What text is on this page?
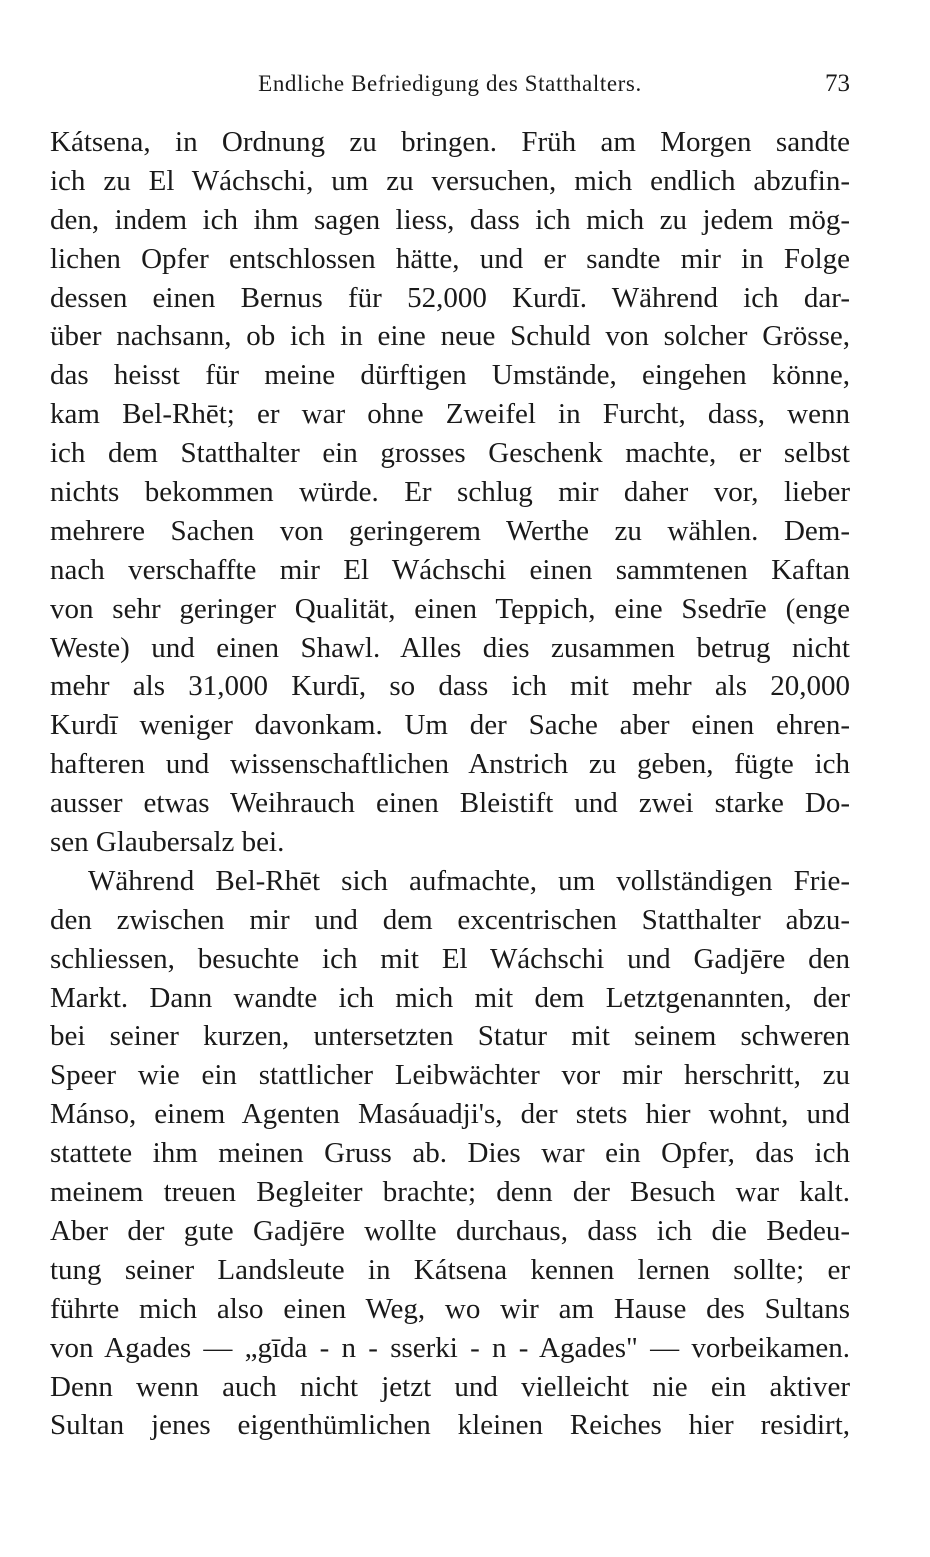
Endliche Befriedigung des Statthalters.	73

Kátsena, in Ordnung zu bringen. Früh am Morgen sandte
ich zu El Wáchschi, um zu versuchen, mich endlich abzufin-
den, indem ich ihm sagen liess, dass ich mich zu jedem mög-
lichen Opfer entschlossen hätte, und er sandte mir in Folge
dessen einen Bernus für 52,000 Kurdī. Während ich dar-
über nachsann, ob ich in eine neue Schuld von solcher Grösse,
das heisst für meine dürftigen Umstände, eingehen könne,
kam Bel-Rhēt; er war ohne Zweifel in Furcht, dass, wenn
ich dem Statthalter ein grosses Geschenk machte, er selbst
nichts bekommen würde. Er schlug mir daher vor, lieber
mehrere Sachen von geringerem Werthe zu wählen. Dem-
nach verschaffte mir El Wáchschi einen sammtenen Kaftan
von sehr geringer Qualität, einen Teppich, eine Ssedrīe (enge
Weste) und einen Shawl. Alles dies zusammen betrug nicht
mehr als 31,000 Kurdī, so dass ich mit mehr als 20,000
Kurdī weniger davonkam. Um der Sache aber einen ehren-
hafteren und wissenschaftlichen Anstrich zu geben, fügte ich
ausser etwas Weihrauch einen Bleistift und zwei starke Do-
sen Glaubersalz bei.

Während Bel-Rhēt sich aufmachte, um vollständigen Frie-
den zwischen mir und dem excentrischen Statthalter abzu-
schliessen, besuchte ich mit El Wáchschi und Gadjēre den
Markt. Dann wandte ich mich mit dem Letztgenannten, der
bei seiner kurzen, untersetzten Statur mit seinem schweren
Speer wie ein stattlicher Leibwächter vor mir herschritt, zu
Mánso, einem Agenten Masáuadji's, der stets hier wohnt, und
stattete ihm meinen Gruss ab. Dies war ein Opfer, das ich
meinem treuen Begleiter brachte; denn der Besuch war kalt.
Aber der gute Gadjēre wollte durchaus, dass ich die Bedeu-
tung seiner Landsleute in Kátsena kennen lernen sollte; er
führte mich also einen Weg, wo wir am Hause des Sultans
von Agades — „gīda - n - sserki - n - Agades" — vorbeikamen.
Denn wenn auch nicht jetzt und vielleicht nie ein aktiver
Sultan jenes eigenthümlichen kleinen Reiches hier residirt,
